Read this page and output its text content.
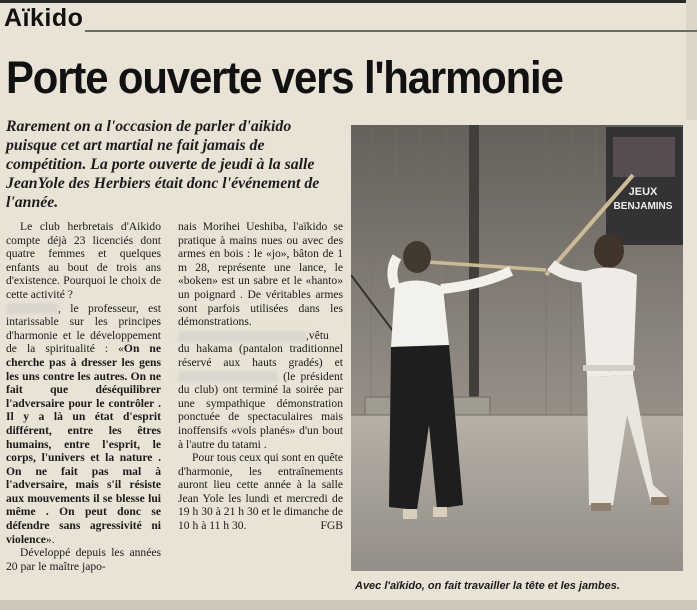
Aïkido
Porte ouverte vers l'harmonie
Rarement on a l'occasion de parler d'aikido puisque cet art martial ne fait jamais de compétition. La porte ouverte de jeudi à la salle JeanYole des Herbiers était donc l'événement de l'année.

Le club herbretais d'Aikido compte déjà 23 licenciés dont quatre femmes et quelques enfants au bout de trois ans d'existence. Pourquoi le choix de cette activité ?

, le professeur, est intarissable sur les principes d'harmonie et le développement de la spiritualité : «On ne cherche pas à dresser les gens les uns contre les autres. On ne fait que déséquilibrer l'adversaire pour le contrôler . Il y a là un état d'esprit différent, entre les êtres humains, entre l'esprit, le corps, l'univers et la nature . On ne fait pas mal à l'adversaire, mais s'il résiste aux mouvements il se blesse lui même . On peut donc se défendre sans agressivité ni violence».

Développé depuis les années 20 par le maître japo-

nais Morihei Ueshiba, l'aïkido se pratique à mains nues ou avec des armes en bois : le «jo», bâton de 1 m 28, représente une lance, le «boken» est un sabre et le «hanto» un poignard . De véritables armes sont parfois utilisées dans les démonstrations.

,vêtu du hakama (pantalon traditionnel réservé aux hauts gradés) et  (le président du club) ont terminé la soirée par une sympathique démonstration ponctuée de spectaculaires mais inoffensifs «vols planés» d'un bout à l'autre du tatami .

Pour tous ceux qui sont en quête d'harmonie, les entraînements auront lieu cette année à la salle Jean Yole les lundi et mercredi de 19 h 30 à 21 h 30 et le dimanche de 10 h à 11 h 30.	FGB
JEUX
BENJAMINS
Avec l'aïkido, on fait travailler la tête et les jambes.
